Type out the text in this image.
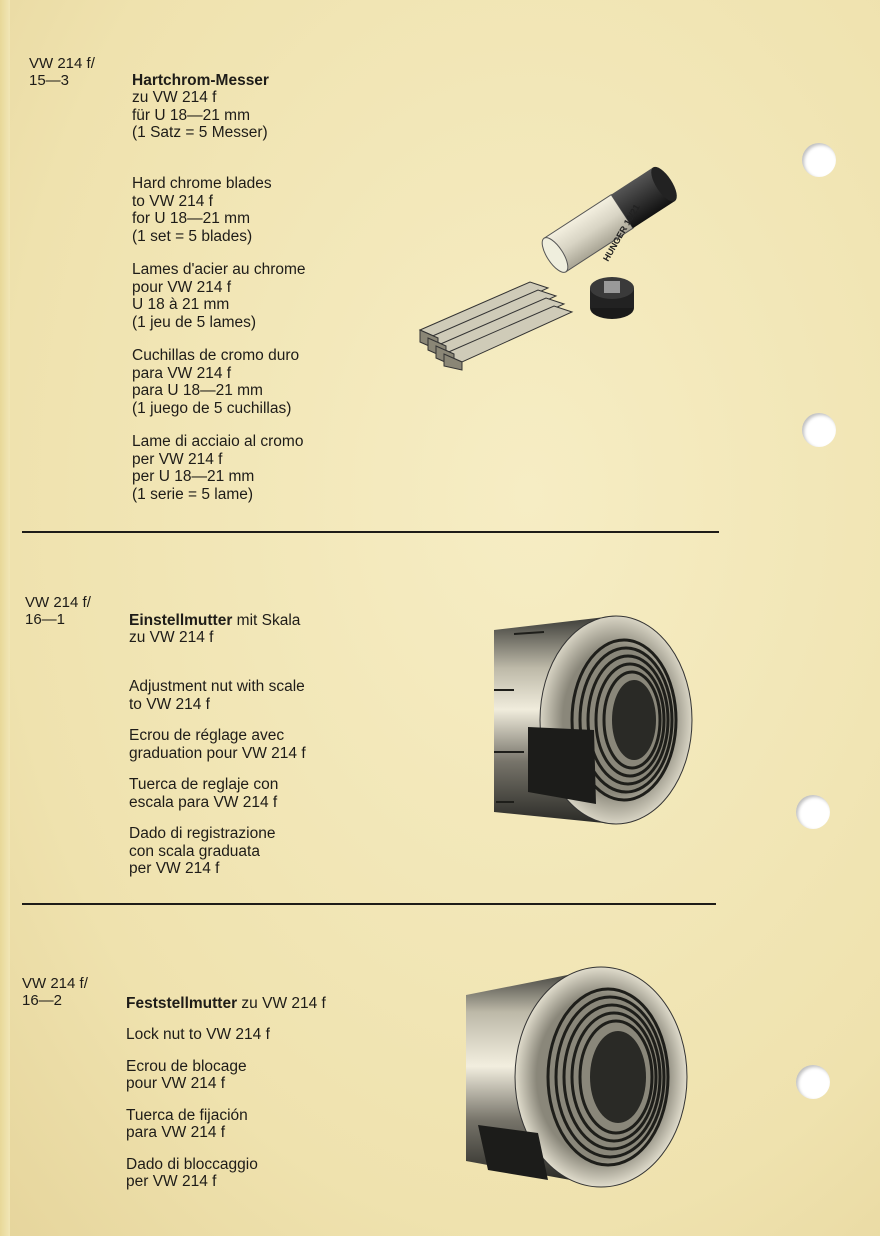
VW 214 f/
15—3	Hartchrom-Messer

zu VW 214 f
für U 18—21 mm
(1 Satz = 5 Messer)

Hard chrome blades
to VW 214 f
for U 18—21 mm
(1 set = 5 blades)
Lames d'acier au chrome
pour VW 214 f
U 18 à 21 mm
(1 jeu de 5 lames)
Cuchillas de cromo duro
para VW 214 f
para U 18—21 mm
(1 juego de 5 cuchillas)
Lame di acciaio al cromo
per VW 214 f
per U 18—21 mm
(1 serie = 5 lame)
HUNGER 18/21
VW 214 f/
16—1	Einstellmutter mit Skala

zu VW 214 f

Adjustment nut with scale
to VW 214 f
Ecrou de réglage avec
graduation pour VW 214 f
Tuerca de reglaje con
escala para VW 214 f
Dado di registrazione
con scala graduata
per VW 214 f
VW 214 f/
16—2	Feststellmutter zu VW 214 f

Lock nut to VW 214 f
Ecrou de blocage
pour VW 214 f
Tuerca de fijación
para VW 214 f
Dado di bloccaggio
per VW 214 f
